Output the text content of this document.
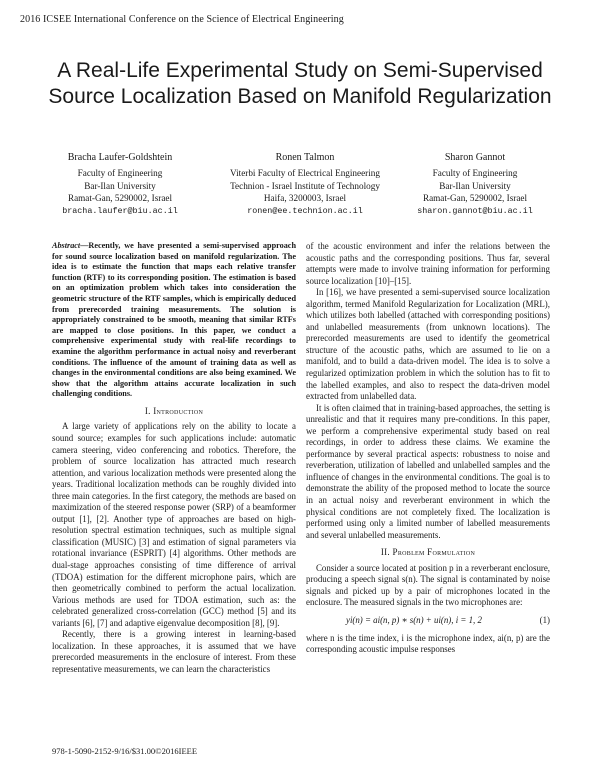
2016 ICSEE International Conference on the Science of Electrical Engineering
A Real-Life Experimental Study on Semi-Supervised Source Localization Based on Manifold Regularization
Bracha Laufer-Goldshtein
Faculty of Engineering
Bar-Ilan University
Ramat-Gan, 5290002, Israel
bracha.laufer@biu.ac.il
Ronen Talmon
Viterbi Faculty of Electrical Engineering
Technion - Israel Institute of Technology
Haifa, 3200003, Israel
ronen@ee.technion.ac.il
Sharon Gannot
Faculty of Engineering
Bar-Ilan University
Ramat-Gan, 5290002, Israel
sharon.gannot@biu.ac.il
Abstract—Recently, we have presented a semi-supervised approach for sound source localization based on manifold regularization. The idea is to estimate the function that maps each relative transfer function (RTF) to its corresponding position. The estimation is based on an optimization problem which takes into consideration the geometric structure of the RTF samples, which is empirically deduced from prerecorded training measurements. The solution is appropriately constrained to be smooth, meaning that similar RTFs are mapped to close positions. In this paper, we conduct a comprehensive experimental study with real-life recordings to examine the algorithm performance in actual noisy and reverberant conditions. The influence of the amount of training data as well as changes in the environmental conditions are also being examined. We show that the algorithm attains accurate localization in such challenging conditions.
I. Introduction

A large variety of applications rely on the ability to locate a sound source; examples for such applications include: automatic camera steering, video conferencing and robotics. Therefore, the problem of source localization has attracted much research attention, and various localization methods were presented along the years. Traditional localization methods can be roughly divided into three main categories. In the first category, the methods are based on maximization of the steered response power (SRP) of a beamformer output [1], [2]. Another type of approaches are based on high-resolution spectral estimation techniques, such as multiple signal classification (MUSIC) [3] and estimation of signal parameters via rotational invariance (ESPRIT) [4] algorithms. Other methods are dual-stage approaches consisting of time difference of arrival (TDOA) estimation for the different microphone pairs, which are then geometrically combined to perform the actual localization. Various methods are used for TDOA estimation, such as: the celebrated generalized cross-correlation (GCC) method [5] and its variants [6], [7] and adaptive eigenvalue decomposition [8], [9].

Recently, there is a growing interest in learning-based localization. In these approaches, it is assumed that we have prerecorded measurements in the enclosure of interest. From these representative measurements, we can learn the characteristics

of the acoustic environment and infer the relations between the acoustic paths and the corresponding positions. Thus far, several attempts were made to involve training information for performing source localization [10]–[15].

In [16], we have presented a semi-supervised source localization algorithm, termed Manifold Regularization for Localization (MRL), which utilizes both labelled (attached with corresponding positions) and unlabelled measurements (from unknown locations). The prerecorded measurements are used to identify the geometrical structure of the acoustic paths, which are assumed to lie on a manifold, and to build a data-driven model. The idea is to solve a regularized optimization problem in which the solution has to fit to the labelled examples, and also to respect the data-driven model extracted from unlabelled data.

It is often claimed that in training-based approaches, the setting is unrealistic and that it requires many pre-conditions. In this paper, we perform a comprehensive experimental study based on real recordings, in order to address these claims. We examine the performance by several practical aspects: robustness to noise and reverberation, utilization of labelled and unlabelled samples and the influence of changes in the environmental conditions. The goal is to demonstrate the ability of the proposed method to locate the source in an actual noisy and reverberant environment in which the physical conditions are not completely fixed. The localization is performed using only a limited number of labelled measurements and several unlabelled measurements.

II. Problem Formulation

Consider a source located at position p in a reverberant enclosure, producing a speech signal s(n). The signal is contaminated by noise signals and picked up by a pair of microphones located in the enclosure. The measured signals in the two microphones are:

yi(n) = ai(n, p) ∗ s(n) + ui(n), i = 1, 2	(1)

where n is the time index, i is the microphone index, ai(n, p) are the corresponding acoustic impulse responses

978-1-5090-2152-9/16/$31.00©2016IEEE
